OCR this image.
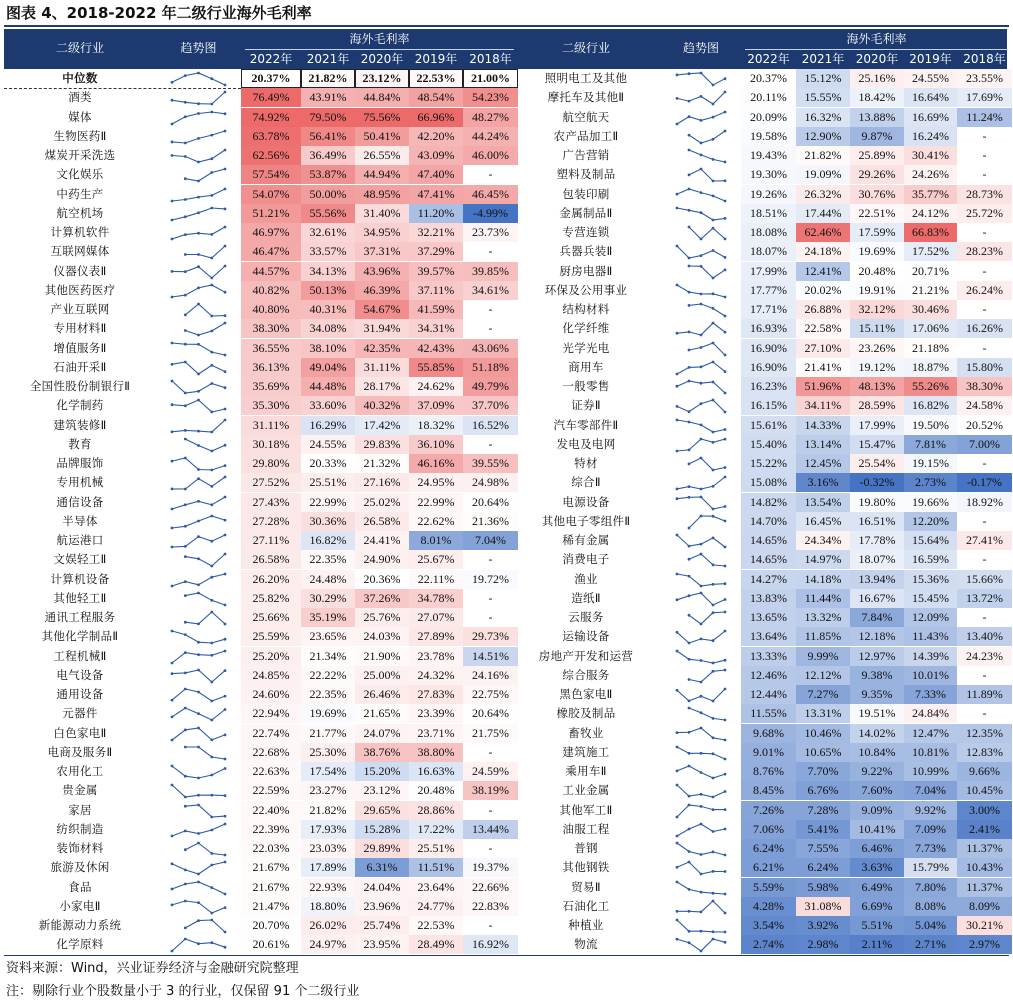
图表 4、2018-2022 年二级行业海外毛利率
二级行业	趋势图
海外毛利率
2022年	2021年 2020年 2019年 2018年
二级行业	趋势图
海外毛利率
2022年 2021年 2020年 2019年 2018年
中位数	20.37%	21.82%	23.12%	22.53%	21.00%
酒类	76.49%	43.91%	44.84%	48.54%	54.23%
媒体	74.92%	79.50%	75.56%	66.96%	48.27%
生物医药Ⅱ	63.78%	56.41%	50.41%	42.20%	44.24%
煤炭开采洗选	62.56%	36.49%	26.55%	43.09%	46.00%
文化娱乐	57.54%	53.87%	44.94%	47.40%	-
中药生产	54.07%	50.00%	48.95%	47.41%	46.45%
航空机场	51.21%	55.56%	31.40%	11.20%	-4.99%
计算机软件	46.97%	32.61%	34.95%	32.21%	23.73%
互联网媒体	46.47%	33.57%	37.31%	37.29%	-
仪器仪表Ⅱ	44.57%	34.13%	43.96%	39.57%	39.85%
其他医药医疗	40.82%	50.13%	46.39%	37.11%	34.61%
产业互联网	40.80%	40.31%	54.67%	41.59%	-
专用材料Ⅱ	38.30%	34.08%	31.94%	34.31%	-
增值服务Ⅱ	36.55%	38.10%	42.35%	42.43%	43.06%
石油开采Ⅱ	36.13%	49.04%	31.11%	55.85%	51.18%
全国性股份制银行Ⅱ	35.69%	44.48%	28.17%	24.62%	49.79%
化学制药	35.30%	33.60%	40.32%	37.09%	37.70%
建筑装修Ⅱ	31.11%	16.29%	17.42%	18.32%	16.52%
教育	30.18%	24.55%	29.83%	36.10%	-
品牌服饰	29.80%	20.33%	21.32%	46.16%	39.55%
专用机械	27.52%	25.51%	27.16%	24.95%	24.98%
通信设备	27.43%	22.99%	25.02%	22.99%	20.64%
半导体	27.28%	30.36%	26.58%	22.62%	21.36%
航运港口	27.11%	16.82%	24.41%	8.01%	7.04%
文娱轻工Ⅱ	26.58%	22.35%	24.90%	25.67%	-
计算机设备	26.20%	24.48%	20.36%	22.11%	19.72%
其他轻工Ⅱ	25.82%	30.29%	37.26%	34.78%	-
通讯工程服务	25.66%	35.19%	25.76%	27.07%	-
其他化学制品Ⅱ	25.59%	23.65%	24.03%	27.89%	29.73%
工程机械Ⅱ	25.20%	21.34%	21.90%	23.78%	14.51%
电气设备	24.85%	22.22%	25.00%	24.32%	24.16%
通用设备	24.60%	22.35%	26.46%	27.83%	22.75%
元器件	22.94%	19.69%	21.65%	23.39%	20.64%
白色家电Ⅱ	22.74%	21.77%	24.07%	23.71%	21.75%
电商及服务Ⅱ	22.68%	25.30%	38.76%	38.80%	-
农用化工	22.63%	17.54%	15.20%	16.63%	24.59%
贵金属	22.59%	23.27%	23.12%	20.48%	38.19%
家居	22.40%	21.82%	29.65%	28.86%	-
纺织制造	22.39%	17.93%	15.28%	17.22%	13.44%
装饰材料	22.03%	23.03%	29.89%	25.51%	-
旅游及休闲	21.67%	17.89%	6.31%	11.51%	19.37%
食品	21.67%	22.93%	24.04%	23.64%	22.66%
小家电Ⅱ	21.47%	18.80%	23.96%	24.77%	22.83%
新能源动力系统	20.70%	26.02%	25.74%	22.53%	-
化学原料	20.61%	24.97%	23.95%	28.49%	16.92%
照明电工及其他	20.37%	15.12%	25.16%	24.55%	23.55%
摩托车及其他Ⅱ	20.11%	15.55%	18.42%	16.64%	17.69%
航空航天	20.09%	16.32%	13.88%	16.69%	11.24%
农产品加工Ⅱ	19.58%	12.90%	9.87%	16.24%	-
广告营销	19.43%	21.82%	25.89%	30.41%	-
塑料及制品	19.30%	19.09%	29.26%	24.26%	-
包装印刷	19.26%	26.32%	30.76%	35.77%	28.73%
金属制品Ⅱ	18.51%	17.44%	22.51%	24.12%	25.72%
专营连锁	18.08%	62.46%	17.59%	66.83%	-
兵器兵装Ⅱ	18.07%	24.18%	19.69%	17.52%	28.23%
厨房电器Ⅱ	17.99%	12.41%	20.48%	20.71%	-
环保及公用事业	17.77%	20.02%	19.91%	21.21%	26.24%
结构材料	17.71%	26.88%	32.12%	30.46%	-
化学纤维	16.93%	22.58%	15.11%	17.06%	16.26%
光学光电	16.90%	27.10%	23.26%	21.18%	-
商用车	16.90%	21.41%	19.12%	18.87%	15.80%
一般零售	16.23%	51.96%	48.13%	55.26%	38.30%
证券Ⅱ	16.15%	34.11%	28.59%	16.82%	24.58%
汽车零部件Ⅱ	15.61%	14.33%	17.99%	19.50%	20.52%
发电及电网	15.40%	13.14%	15.47%	7.81%	7.00%
特材	15.22%	12.45%	25.54%	19.15%	-
综合Ⅱ	15.08%	3.16%	-0.32%	2.73%	-0.17%
电源设备	14.82%	13.54%	19.80%	19.66%	18.92%
其他电子零组件Ⅱ	14.70%	16.45%	16.51%	12.20%	-
稀有金属	14.65%	24.34%	17.78%	15.64%	27.41%
消费电子	14.65%	14.97%	18.07%	16.59%	-
渔业	14.27%	14.18%	13.94%	15.36%	15.66%
造纸Ⅱ	13.83%	11.44%	16.67%	15.45%	13.72%
云服务	13.65%	13.32%	7.84%	12.09%	-
运输设备	13.64%	11.85%	12.18%	11.43%	13.40%
房地产开发和运营	13.33%	9.99%	12.97%	14.39%	24.23%
综合服务	12.46%	12.12%	9.38%	10.01%	-
黑色家电Ⅱ	12.44%	7.27%	9.35%	7.33%	11.89%
橡胶及制品	11.55%	13.31%	19.51%	24.84%	-
畜牧业	9.68%	10.46%	14.02%	12.47%	12.35%
建筑施工	9.01%	10.65%	10.84%	10.81%	12.83%
乘用车Ⅱ	8.76%	7.70%	9.22%	10.99%	9.66%
工业金属	8.45%	6.76%	7.60%	7.04%	10.45%
其他军工Ⅱ	7.26%	7.28%	9.09%	9.92%	3.00%
油服工程	7.06%	5.41%	10.41%	7.09%	2.41%
普钢	6.24%	7.55%	6.46%	7.73%	11.37%
其他钢铁	6.21%	6.24%	3.63%	15.79%	10.43%
贸易Ⅱ	5.59%	5.98%	6.49%	7.80%	11.37%
石油化工	4.28%	31.08%	6.69%	8.08%	8.09%
种植业	3.54%	3.92%	5.51%	5.04%	30.21%
物流	2.74%	2.98%	2.11%	2.71%	2.97%
资料来源：Wind，兴业证券经济与金融研究院整理
注：剔除行业个股数量小于 3 的行业，仅保留 91 个二级行业
